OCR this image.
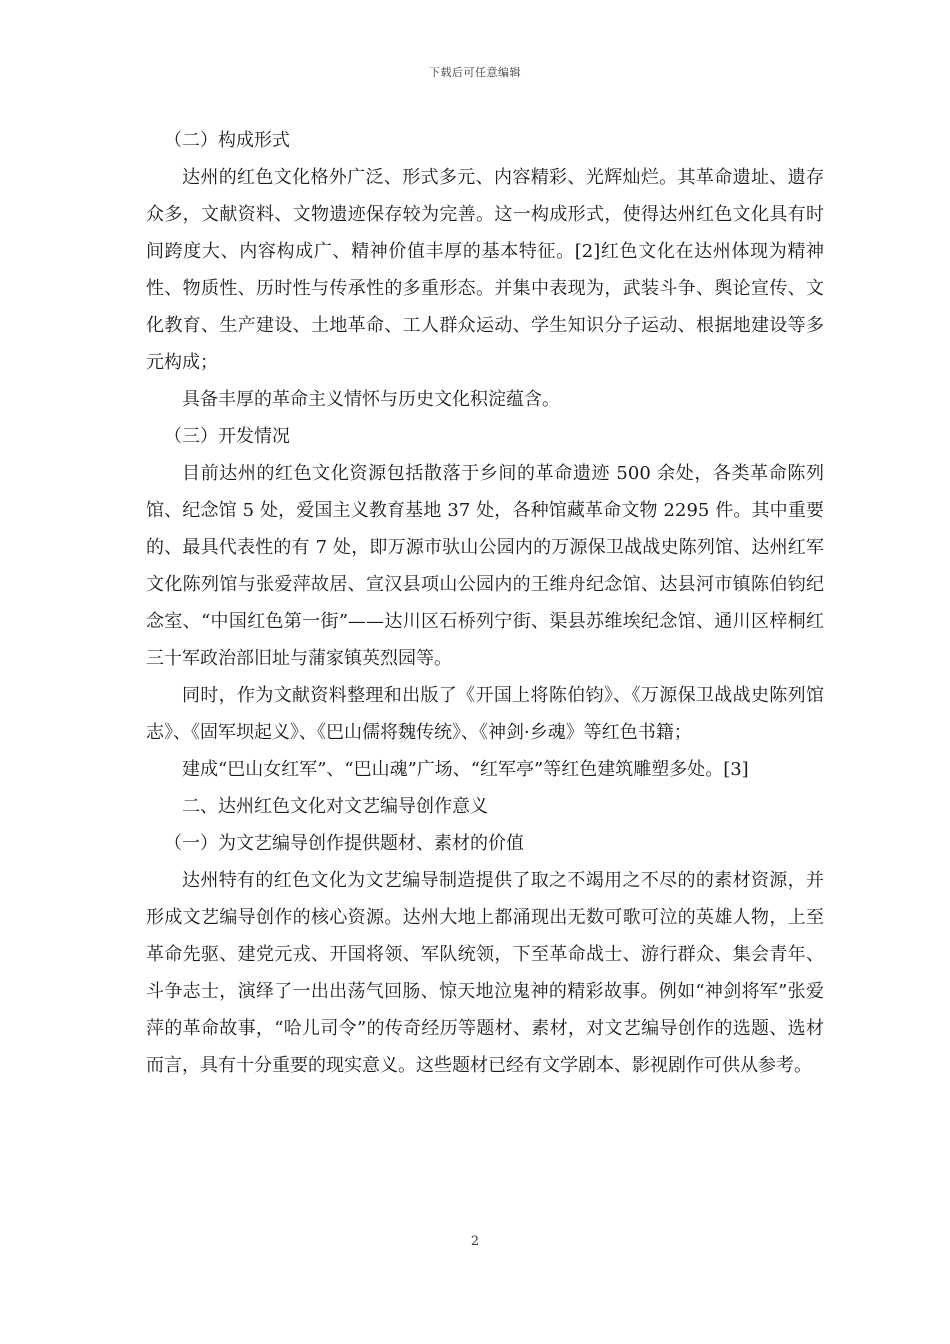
下载后可任意编辑

（二）构成形式

达州的红色文化格外广泛、形式多元、内容精彩、光辉灿烂。其革命遗址、遗存众多，文献资料、文物遗迹保存较为完善。这一构成形式，使得达州红色文化具有时间跨度大、内容构成广、精神价值丰厚的基本特征。[2]红色文化在达州体现为精神性、物质性、历时性与传承性的多重形态。并集中表现为，武装斗争、舆论宣传、文化教育、生产建设、土地革命、工人群众运动、学生知识分子运动、根据地建设等多元构成；

具备丰厚的革命主义情怀与历史文化积淀蕴含。

（三）开发情况

目前达州的红色文化资源包括散落于乡间的革命遗迹 500 余处，各类革命陈列馆、纪念馆 5 处，爱国主义教育基地 37 处，各种馆藏革命文物 2295 件。其中重要的、最具代表性的有 7 处，即万源市驮山公园内的万源保卫战战史陈列馆、达州红军文化陈列馆与张爱萍故居、宣汉县项山公园内的王维舟纪念馆、达县河市镇陈伯钧纪念室、“中国红色第一街”——达川区石桥列宁街、渠县苏维埃纪念馆、通川区梓桐红三十军政治部旧址与蒲家镇英烈园等。

同时，作为文献资料整理和出版了《开国上将陈伯钧》、《万源保卫战战史陈列馆志》、《固军坝起义》、《巴山儒将魏传统》、《神剑·乡魂》等红色书籍；

建成“巴山女红军”、“巴山魂”广场、“红军亭”等红色建筑雕塑多处。[3]

二、达州红色文化对文艺编导创作意义

（一）为文艺编导创作提供题材、素材的价值

达州特有的红色文化为文艺编导制造提供了取之不竭用之不尽的的素材资源，并形成文艺编导创作的核心资源。达州大地上都涌现出无数可歌可泣的英雄人物，上至革命先驱、建党元戎、开国将领、军队统领，下至革命战士、游行群众、集会青年、斗争志士，演绎了一出出荡气回肠、惊天地泣鬼神的精彩故事。例如“神剑将军”张爱萍的革命故事，“哈儿司令”的传奇经历等题材、素材，对文艺编导创作的选题、选材而言，具有十分重要的现实意义。这些题材已经有文学剧本、影视剧作可供从参考。

2
